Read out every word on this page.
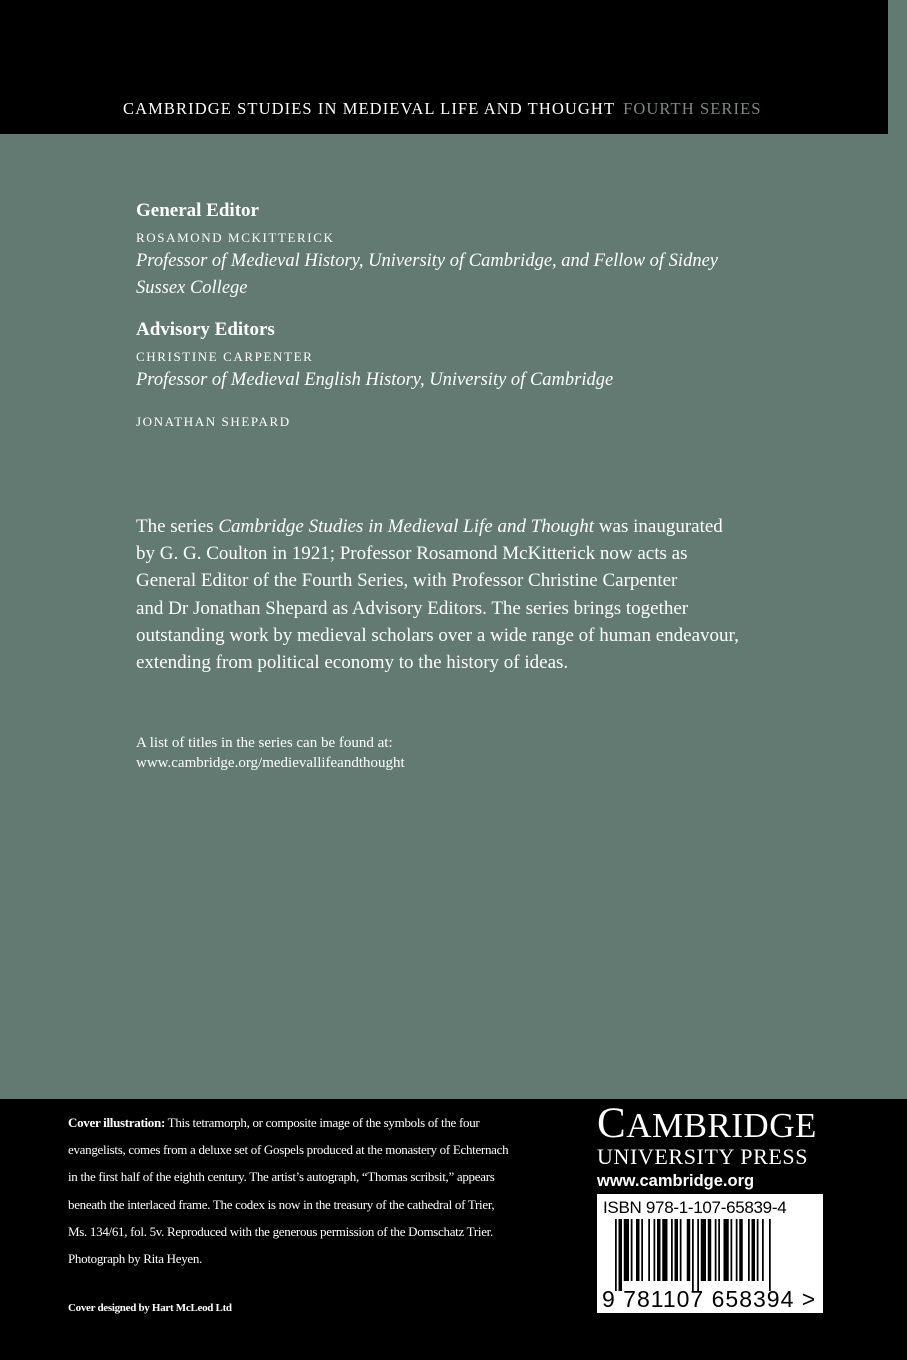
CAMBRIDGE STUDIES IN MEDIEVAL LIFE AND THOUGHT FOURTH SERIES
General Editor
ROSAMOND MCKITTERICK
Professor of Medieval History, University of Cambridge, and Fellow of Sidney
Sussex College
Advisory Editors
CHRISTINE CARPENTER
Professor of Medieval English History, University of Cambridge
JONATHAN SHEPARD
The series Cambridge Studies in Medieval Life and Thought was inaugurated
by G. G. Coulton in 1921; Professor Rosamond McKitterick now acts as
General Editor of the Fourth Series, with Professor Christine Carpenter
and Dr Jonathan Shepard as Advisory Editors. The series brings together
outstanding work by medieval scholars over a wide range of human endeavour,
extending from political economy to the history of ideas.
A list of titles in the series can be found at:
www.cambridge.org/medievallifeandthought
Cover illustration: This tetramorph, or composite image of the symbols of the four
evangelists, comes from a deluxe set of Gospels produced at the monastery of Echternach
in the first half of the eighth century. The artist’s autograph, “Thomas scribsit,” appears
beneath the interlaced frame. The codex is now in the treasury of the cathedral of Trier,
Ms. 134/61, fol. 5v. Reproduced with the generous permission of the Domschatz Trier.
Photograph by Rita Heyen.
Cover designed by Hart McLeod Ltd
CAMBRIDGE
UNIVERSITY PRESS
www.cambridge.org
ISBN 978-1-107-65839-4
9 781107 658394 >
